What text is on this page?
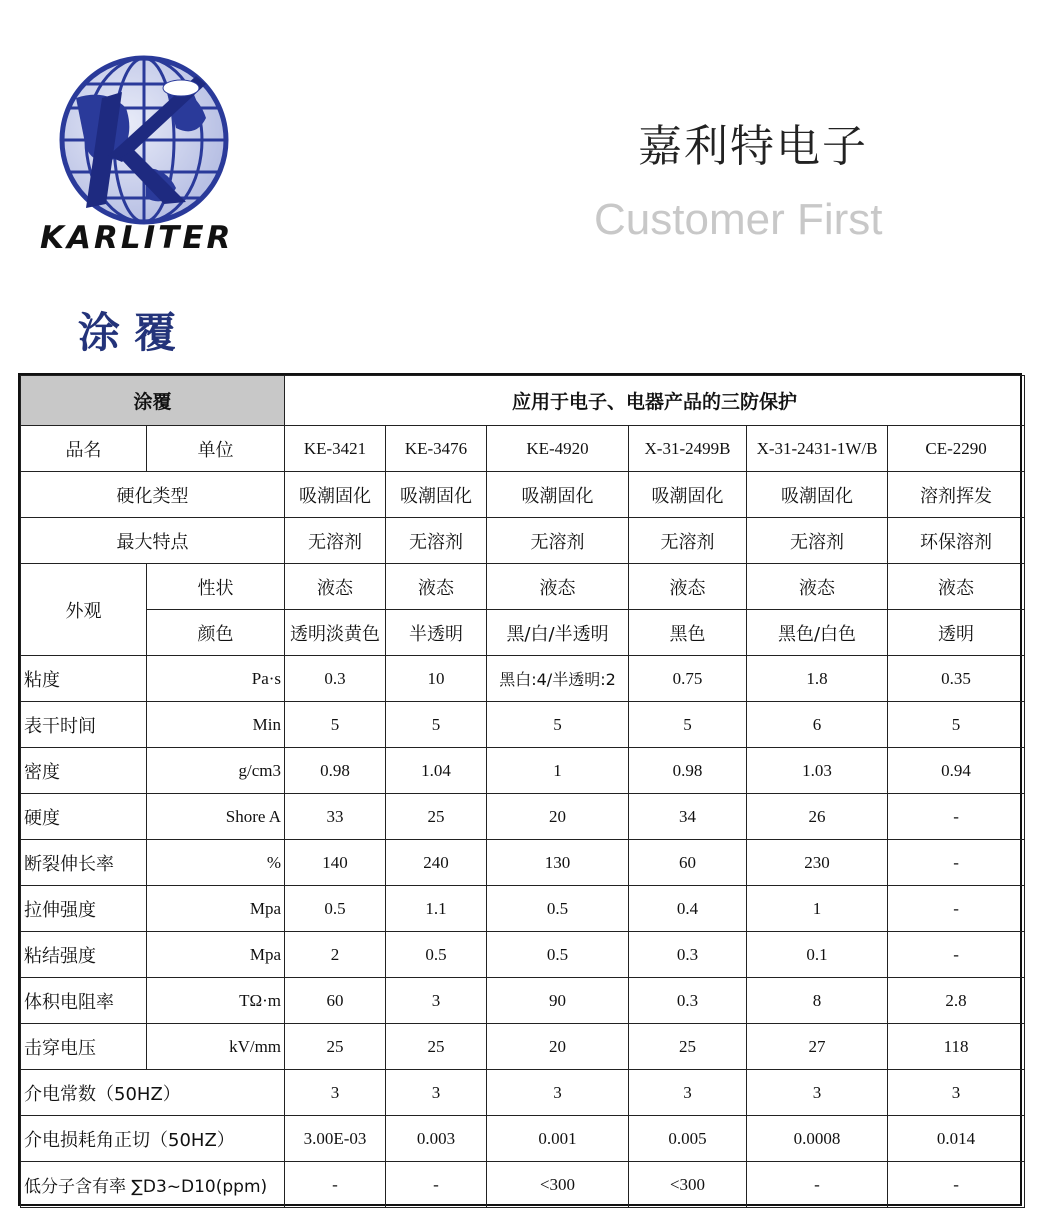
KARLITER
嘉利特电子
Customer First
涂覆
涂覆		应用于电子、电器产品的三防保护					
品名	单位	KE-3421	KE-3476	KE-4920	X-31-2499B	X-31-2431-1W/B	CE-2290
硬化类型		吸潮固化	吸潮固化	吸潮固化	吸潮固化	吸潮固化	溶剂挥发
最大特点		无溶剂	无溶剂	无溶剂	无溶剂	无溶剂	环保溶剂
外观	性状	液态	液态	液态	液态	液态	液态
	颜色	透明淡黄色	半透明	黑/白/半透明	黑色	黑色/白色	透明
粘度	Pa·s	0.3	10	黑白:4/半透明:2	0.75	1.8	0.35
表干时间	Min	5	5	5	5	6	5
密度	g/cm3	0.98	1.04	1	0.98	1.03	0.94
硬度	Shore A	33	25	20	34	26	-
断裂伸长率	%	140	240	130	60	230	-
拉伸强度	Mpa	0.5	1.1	0.5	0.4	1	-
粘结强度	Mpa	2	0.5	0.5	0.3	0.1	-
体积电阻率	TΩ·m	60	3	90	0.3	8	2.8
击穿电压	kV/mm	25	25	20	25	27	118
介电常数（50HZ）		3	3	3	3	3	3
介电损耗角正切（50HZ）		3.00E-03	0.003	0.001	0.005	0.0008	0.014
低分子含有率 ∑D3~D10(ppm)		-	-	<300	<300	-	-
